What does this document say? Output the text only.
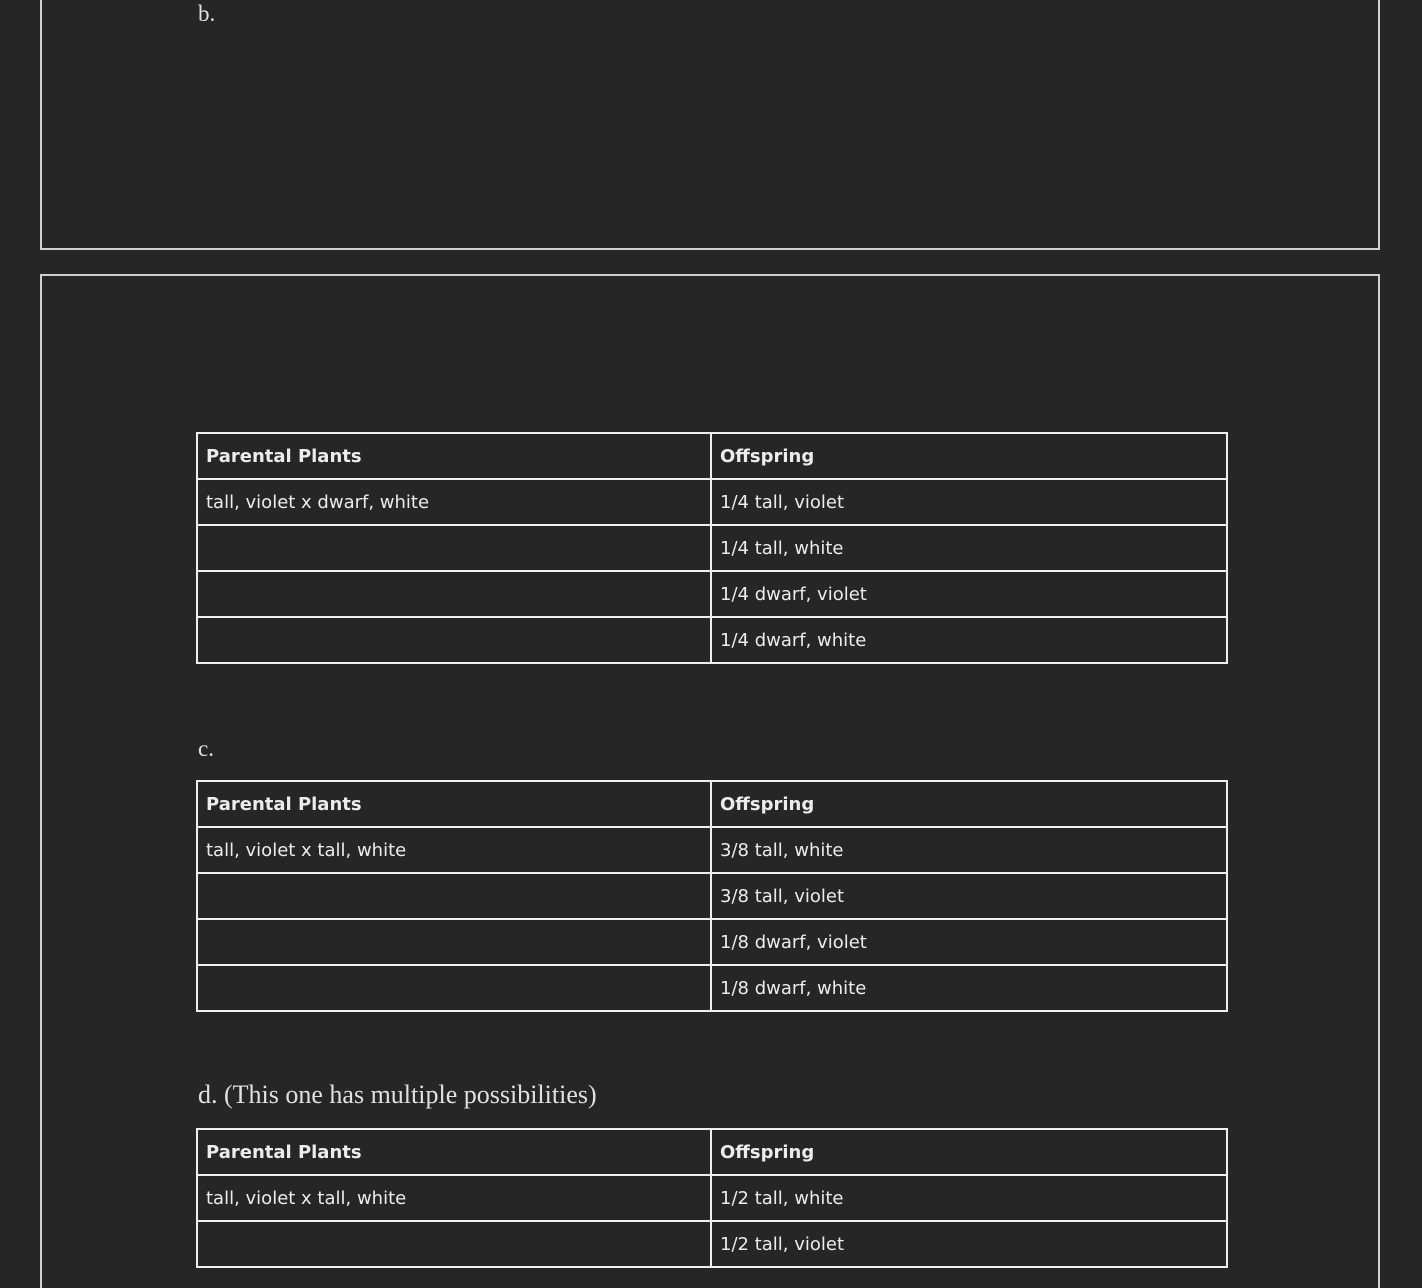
b.
Parental Plants	Offspring
tall, violet x dwarf, white	1/4 tall, violet
	1/4 tall, white
	1/4 dwarf, violet
	1/4 dwarf, white
c.
Parental Plants	Offspring
tall, violet x tall, white	3/8 tall, white
	3/8 tall, violet
	1/8 dwarf, violet
	1/8 dwarf, white
d. (This one has multiple possibilities)
Parental Plants	Offspring
tall, violet x tall, white	1/2 tall, white
	1/2 tall, violet
